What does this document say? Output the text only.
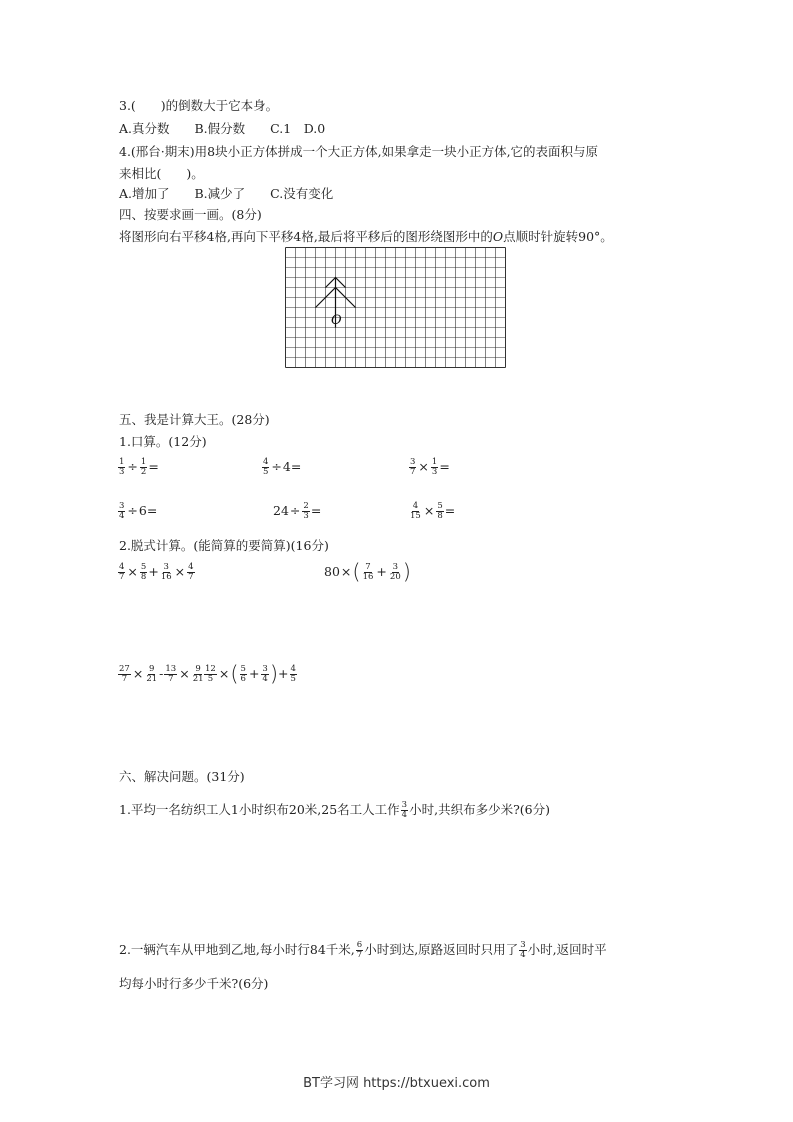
3.(　　)的倒数大于它本身。
A.真分数　　B.假分数　　C.1　D.0
4.(邢台·期末)用8块小正方体拼成一个大正方体,如果拿走一块小正方体,它的表面积与原
来相比(　　)。
A.增加了　　B.减少了　　C.没有变化
四、按要求画一画。(8分)
将图形向右平移4格,再向下平移4格,最后将平移后的图形绕图形中的O点顺时针旋转90°。
O
五、我是计算大王。(28分)
1.口算。(12分)
$\frac{1}{3} \div \frac{1}{2}$ =	$\frac{4}{5} \div 4=$	$\frac{3}{7} \times \frac{1}{3}$ =
$\frac{3}{4} \div 6=$	$24\div \frac{2}{3}$ =	$\frac{4}{15} \times \frac{5}{8}$ =
2.脱式计算。(能简算的要简算)(16分)
$\frac{4}{7} \times \frac{5}{8} + \frac{3}{16} \times \frac{4}{7}$	$80\times( \frac{7}{16} + \frac{3}{20}$ )
$\frac{27}{7} \times \frac{9}{21} - \frac{13}{7} \times \frac{9}{21} \frac{12}{5}$ ×( $\frac{5}{6} + \frac{3}{4}$ )+ $\frac{4}{5}$
六、解决问题。(31分)
1.平均一名纺织工人1小时织布20米,25名工人工作 $\frac{3}{4}$ 小时,共织布多少米?(6分)
2.一辆汽车从甲地到乙地,每小时行84千米, $\frac{6}{7}$ 小时到达,原路返回时只用了 $\frac{3}{4}$ 小时,返回时平
均每小时行多少千米?(6分)
BT学习网 https://btxuexi.com
